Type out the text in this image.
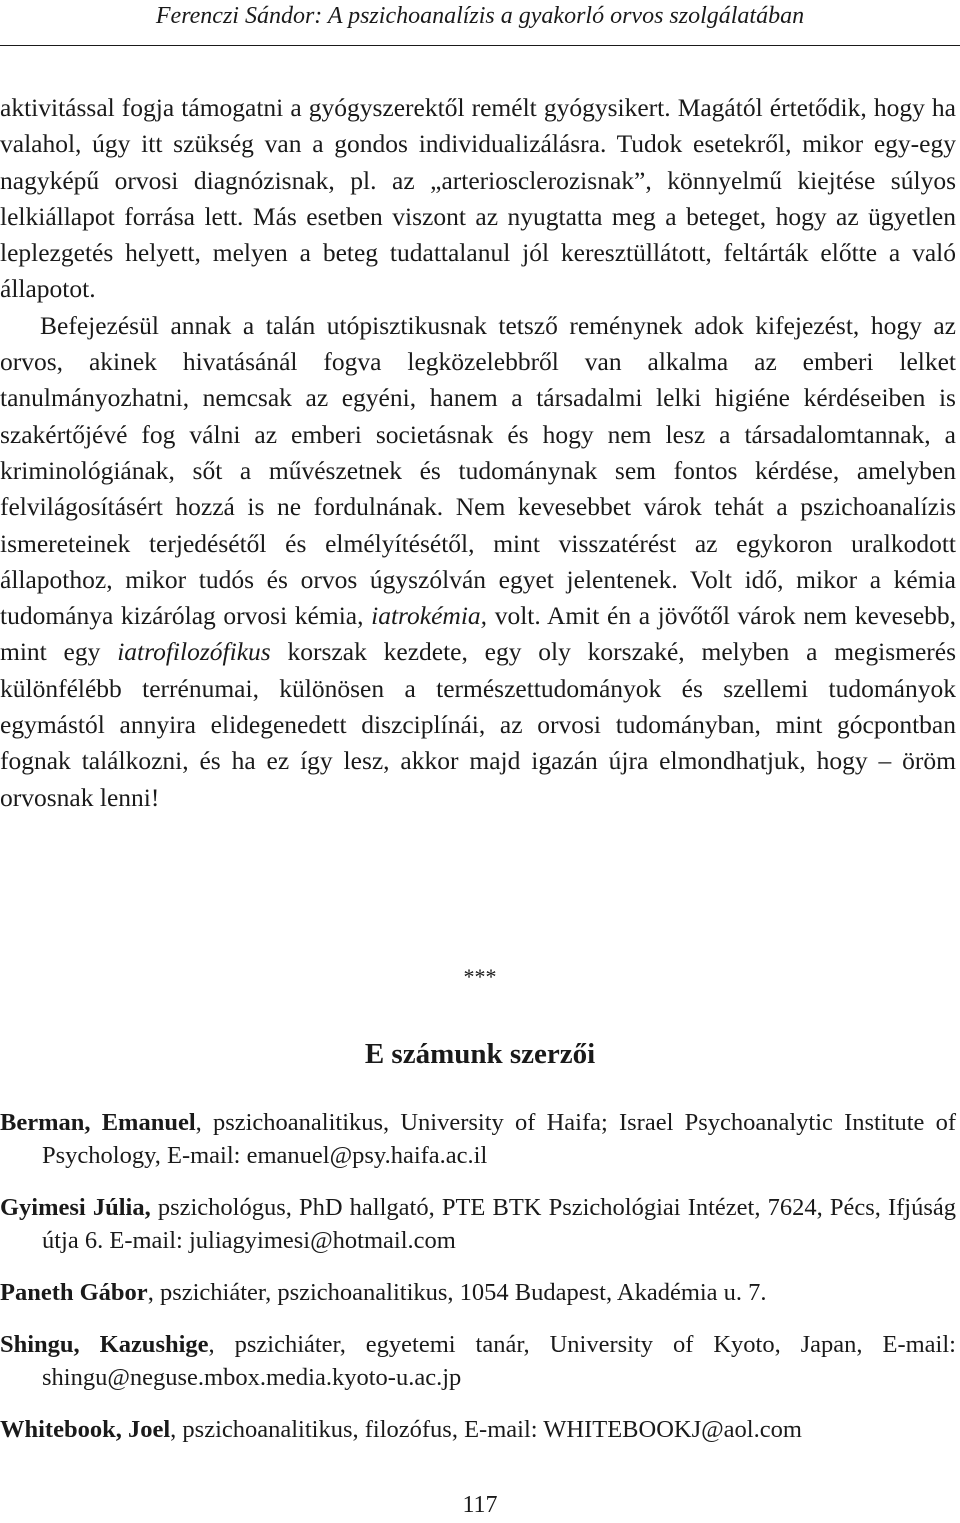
Ferenczi Sándor: A pszichoanalízis a gyakorló orvos szolgálatában

aktivitással fogja támogatni a gyógyszerektől remélt gyógysikert. Magától értetődik, hogy ha valahol, úgy itt szükség van a gondos individualizálásra. Tudok esetekről, mikor egy-egy nagyképű orvosi diagnózisnak, pl. az „arteriosclerozisnak”, könnyelmű kiejtése súlyos lelkiállapot forrása lett. Más esetben viszont az nyugtatta meg a beteget, hogy az ügyetlen leplezgetés helyett, melyen a beteg tudattalanul jól keresztüllátott, feltárták előtte a való állapotot.

Befejezésül annak a talán utópisztikusnak tetsző reménynek adok kifejezést, hogy az orvos, akinek hivatásánál fogva legközelebbről van alkalma az emberi lelket tanulmányozhatni, nemcsak az egyéni, hanem a társadalmi lelki higiéne kérdéseiben is szakértőjévé fog válni az emberi societásnak és hogy nem lesz a társadalomtannak, a kriminológiának, sőt a művészetnek és tudománynak sem fontos kérdése, amelyben felvilágosításért hozzá is ne fordulnának. Nem kevesebbet várok tehát a pszichoanalízis ismereteinek terjedésétől és elmélyítésétől, mint visszatérést az egykoron uralkodott állapothoz, mikor tudós és orvos úgyszólván egyet jelentenek. Volt idő, mikor a kémia tudománya kizárólag orvosi kémia, iatrokémia, volt. Amit én a jövőtől várok nem kevesebb, mint egy iatrofilozófikus korszak kezdete, egy oly korszaké, melyben a megismerés különfélébb terrénumai, különösen a természettudományok és szellemi tudományok egymástól annyira elidegenedett diszciplínái, az orvosi tudományban, mint gócpontban fognak találkozni, és ha ez így lesz, akkor majd igazán újra elmondhatjuk, hogy – öröm orvosnak lenni!

***
E számunk szerzői

Berman, Emanuel, pszichoanalitikus, University of Haifa; Israel Psychoanalytic Institute of Psychology, E-mail: emanuel@psy.haifa.ac.il

Gyimesi Júlia, pszichológus, PhD hallgató, PTE BTK Pszichológiai Intézet, 7624, Pécs, Ifjúság útja 6. E-mail: juliagyimesi@hotmail.com

Paneth Gábor, pszichiáter, pszichoanalitikus, 1054 Budapest, Akadémia u. 7.

Shingu, Kazushige, pszichiáter, egyetemi tanár, University of Kyoto, Japan, E-mail: shingu@neguse.mbox.media.kyoto-u.ac.jp

Whitebook, Joel, pszichoanalitikus, filozófus, E-mail: WHITEBOOKJ@aol.com

117
